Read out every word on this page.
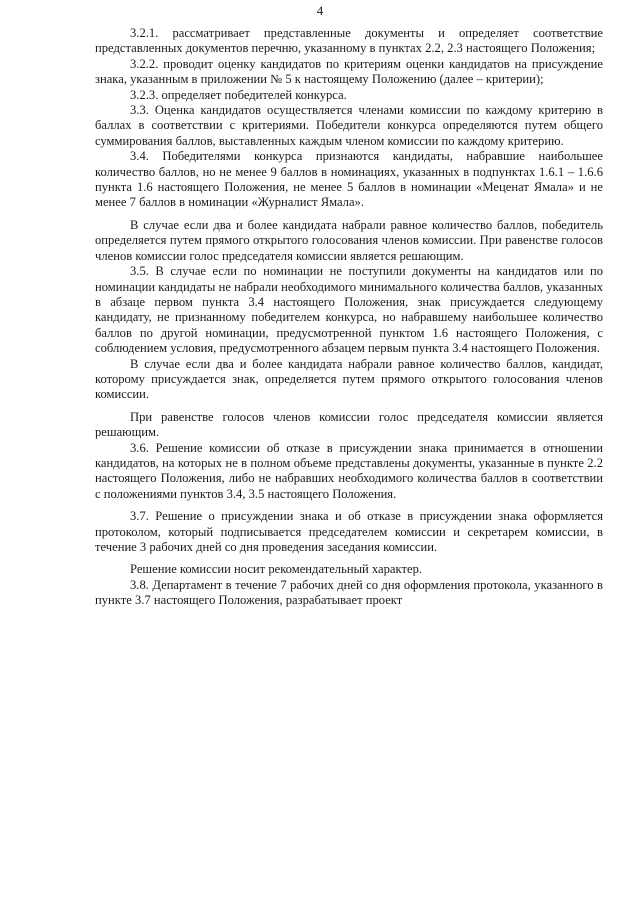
4

3.2.1. рассматривает представленные документы и определяет соответствие представленных документов перечню, указанному в пунктах 2.2, 2.3 настоящего Положения;

3.2.2. проводит оценку кандидатов по критериям оценки кандидатов на присуждение знака, указанным в приложении № 5 к настоящему Положению (далее – критерии);

3.2.3. определяет победителей конкурса.

3.3. Оценка кандидатов осуществляется членами комиссии по каждому критерию в баллах в соответствии с критериями. Победители конкурса определяются путем общего суммирования баллов, выставленных каждым членом комиссии по каждому критерию.

3.4. Победителями конкурса признаются кандидаты, набравшие наибольшее количество баллов, но не менее 9 баллов в номинациях, указанных в подпунктах 1.6.1 – 1.6.6 пункта 1.6 настоящего Положения, не менее 5 баллов в номинации «Меценат Ямала» и не менее 7 баллов в номинации «Журналист Ямала».

В случае если два и более кандидата набрали равное количество баллов, победитель определяется путем прямого открытого голосования членов комиссии. При равенстве голосов членов комиссии голос председателя комиссии является решающим.

3.5. В случае если по номинации не поступили документы на кандидатов или по номинации кандидаты не набрали необходимого минимального количества баллов, указанных в абзаце первом пункта 3.4 настоящего Положения, знак присуждается следующему кандидату, не признанному победителем конкурса, но набравшему наибольшее количество баллов по другой номинации, предусмотренной пунктом 1.6 настоящего Положения, с соблюдением условия, предусмотренного абзацем первым пункта 3.4 настоящего Положения.

В случае если два и более кандидата набрали равное количество баллов, кандидат, которому присуждается знак, определяется путем прямого открытого голосования членов комиссии.

При равенстве голосов членов комиссии голос председателя комиссии является решающим.

3.6. Решение комиссии об отказе в присуждении знака принимается в отношении кандидатов, на которых не в полном объеме представлены документы, указанные в пункте 2.2 настоящего Положения, либо не набравших необходимого количества баллов в соответствии с положениями пунктов 3.4, 3.5 настоящего Положения.

3.7. Решение о присуждении знака и об отказе в присуждении знака оформляется протоколом, который подписывается председателем комиссии и секретарем комиссии, в течение 3 рабочих дней со дня проведения заседания комиссии.

Решение комиссии носит рекомендательный характер.

3.8. Департамент в течение 7 рабочих дней со дня оформления протокола, указанного в пункте 3.7 настоящего Положения, разрабатывает проект
